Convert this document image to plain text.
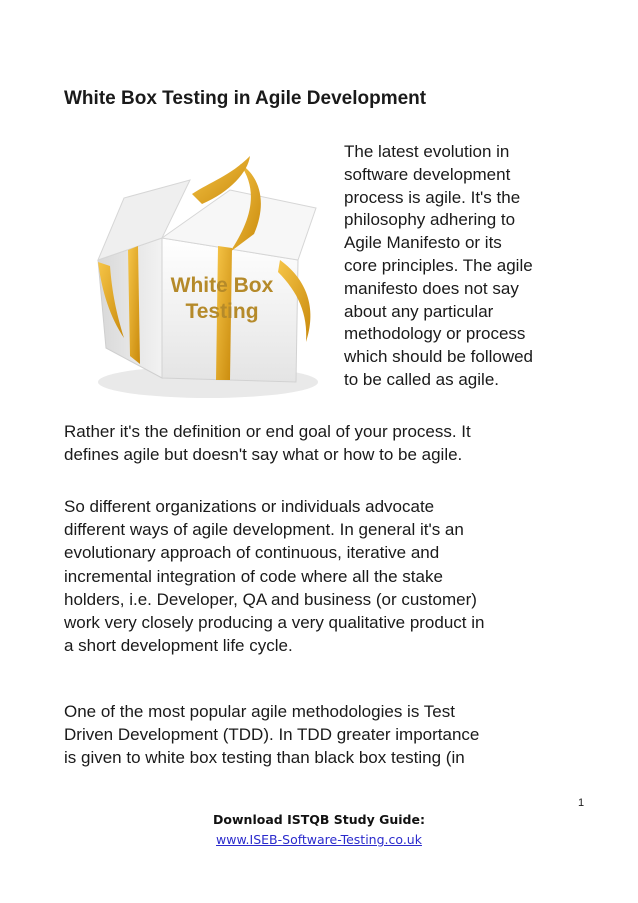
White Box Testing in Agile Development
White Box
Testing
The latest evolution in
software development
process is agile. It's the
philosophy adhering to
Agile Manifesto or its
core principles. The agile
manifesto does not say
about any particular
methodology or process
which should be followed
to be called as agile.
Rather it's the definition or end goal of your process. It
defines agile but doesn't say what or how to be agile.
So different organizations or individuals advocate
different ways of agile development. In general it's an
evolutionary approach of continuous, iterative and
incremental integration of code where all the stake
holders, i.e. Developer, QA and business (or customer)
work very closely producing a very qualitative product in
a short development life cycle.
One of the most popular agile methodologies is Test
Driven Development (TDD). In TDD greater importance
is given to white box testing than black box testing (in
1
Download ISTQB Study Guide:
www.ISEB-Software-Testing.co.uk
